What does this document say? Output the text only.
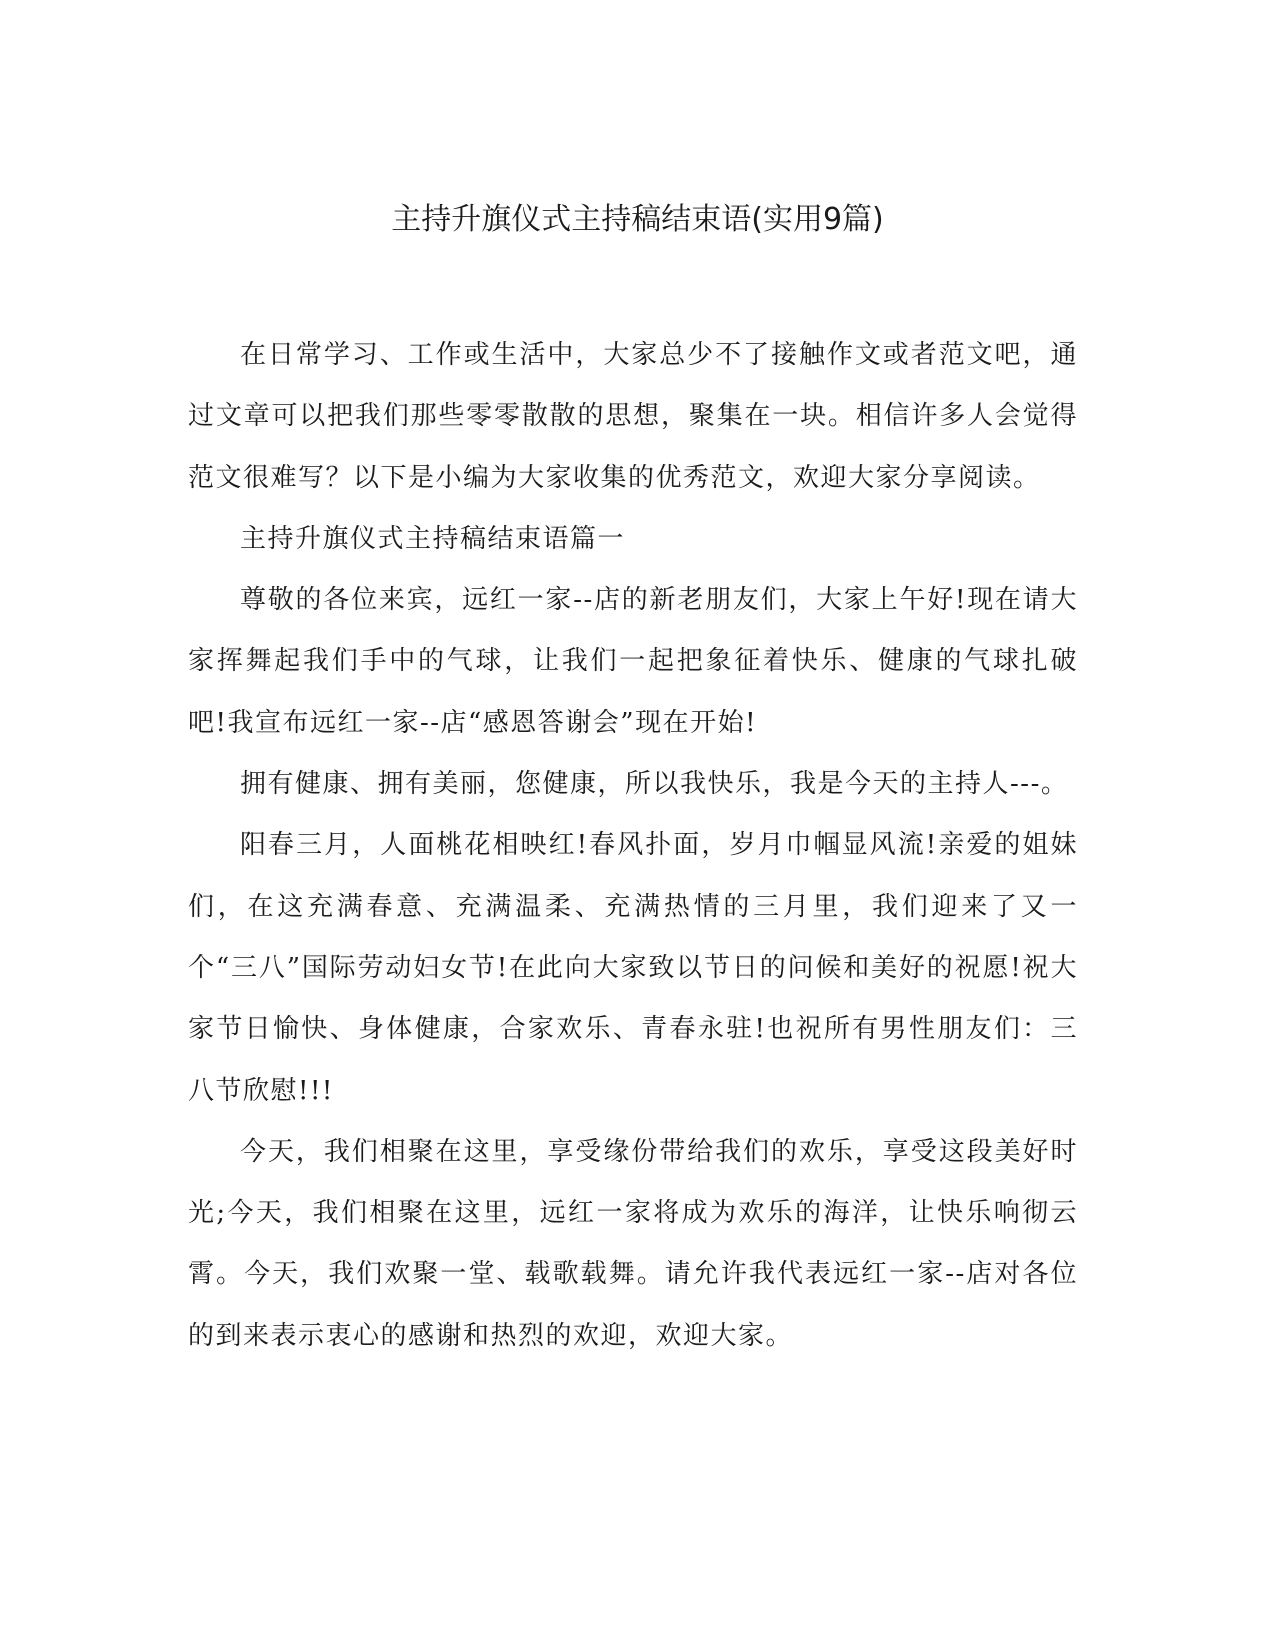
主持升旗仪式主持稿结束语(实用9篇)

在日常学习、工作或生活中，大家总少不了接触作文或者范文吧，通过文章可以把我们那些零零散散的思想，聚集在一块。相信许多人会觉得范文很难写？以下是小编为大家收集的优秀范文，欢迎大家分享阅读。

主持升旗仪式主持稿结束语篇一

尊敬的各位来宾，远红一家--店的新老朋友们，大家上午好!现在请大家挥舞起我们手中的气球，让我们一起把象征着快乐、健康的气球扎破吧!我宣布远红一家--店“感恩答谢会”现在开始!

拥有健康、拥有美丽，您健康，所以我快乐，我是今天的主持人---。

阳春三月，人面桃花相映红!春风扑面，岁月巾帼显风流!亲爱的姐妹们，在这充满春意、充满温柔、充满热情的三月里，我们迎来了又一个“三八”国际劳动妇女节!在此向大家致以节日的问候和美好的祝愿!祝大家节日愉快、身体健康，合家欢乐、青春永驻!也祝所有男性朋友们：三八节欣慰!!!

今天，我们相聚在这里，享受缘份带给我们的欢乐，享受这段美好时光;今天，我们相聚在这里，远红一家将成为欢乐的海洋，让快乐响彻云霄。今天，我们欢聚一堂、载歌载舞。请允许我代表远红一家--店对各位的到来表示衷心的感谢和热烈的欢迎，欢迎大家。
